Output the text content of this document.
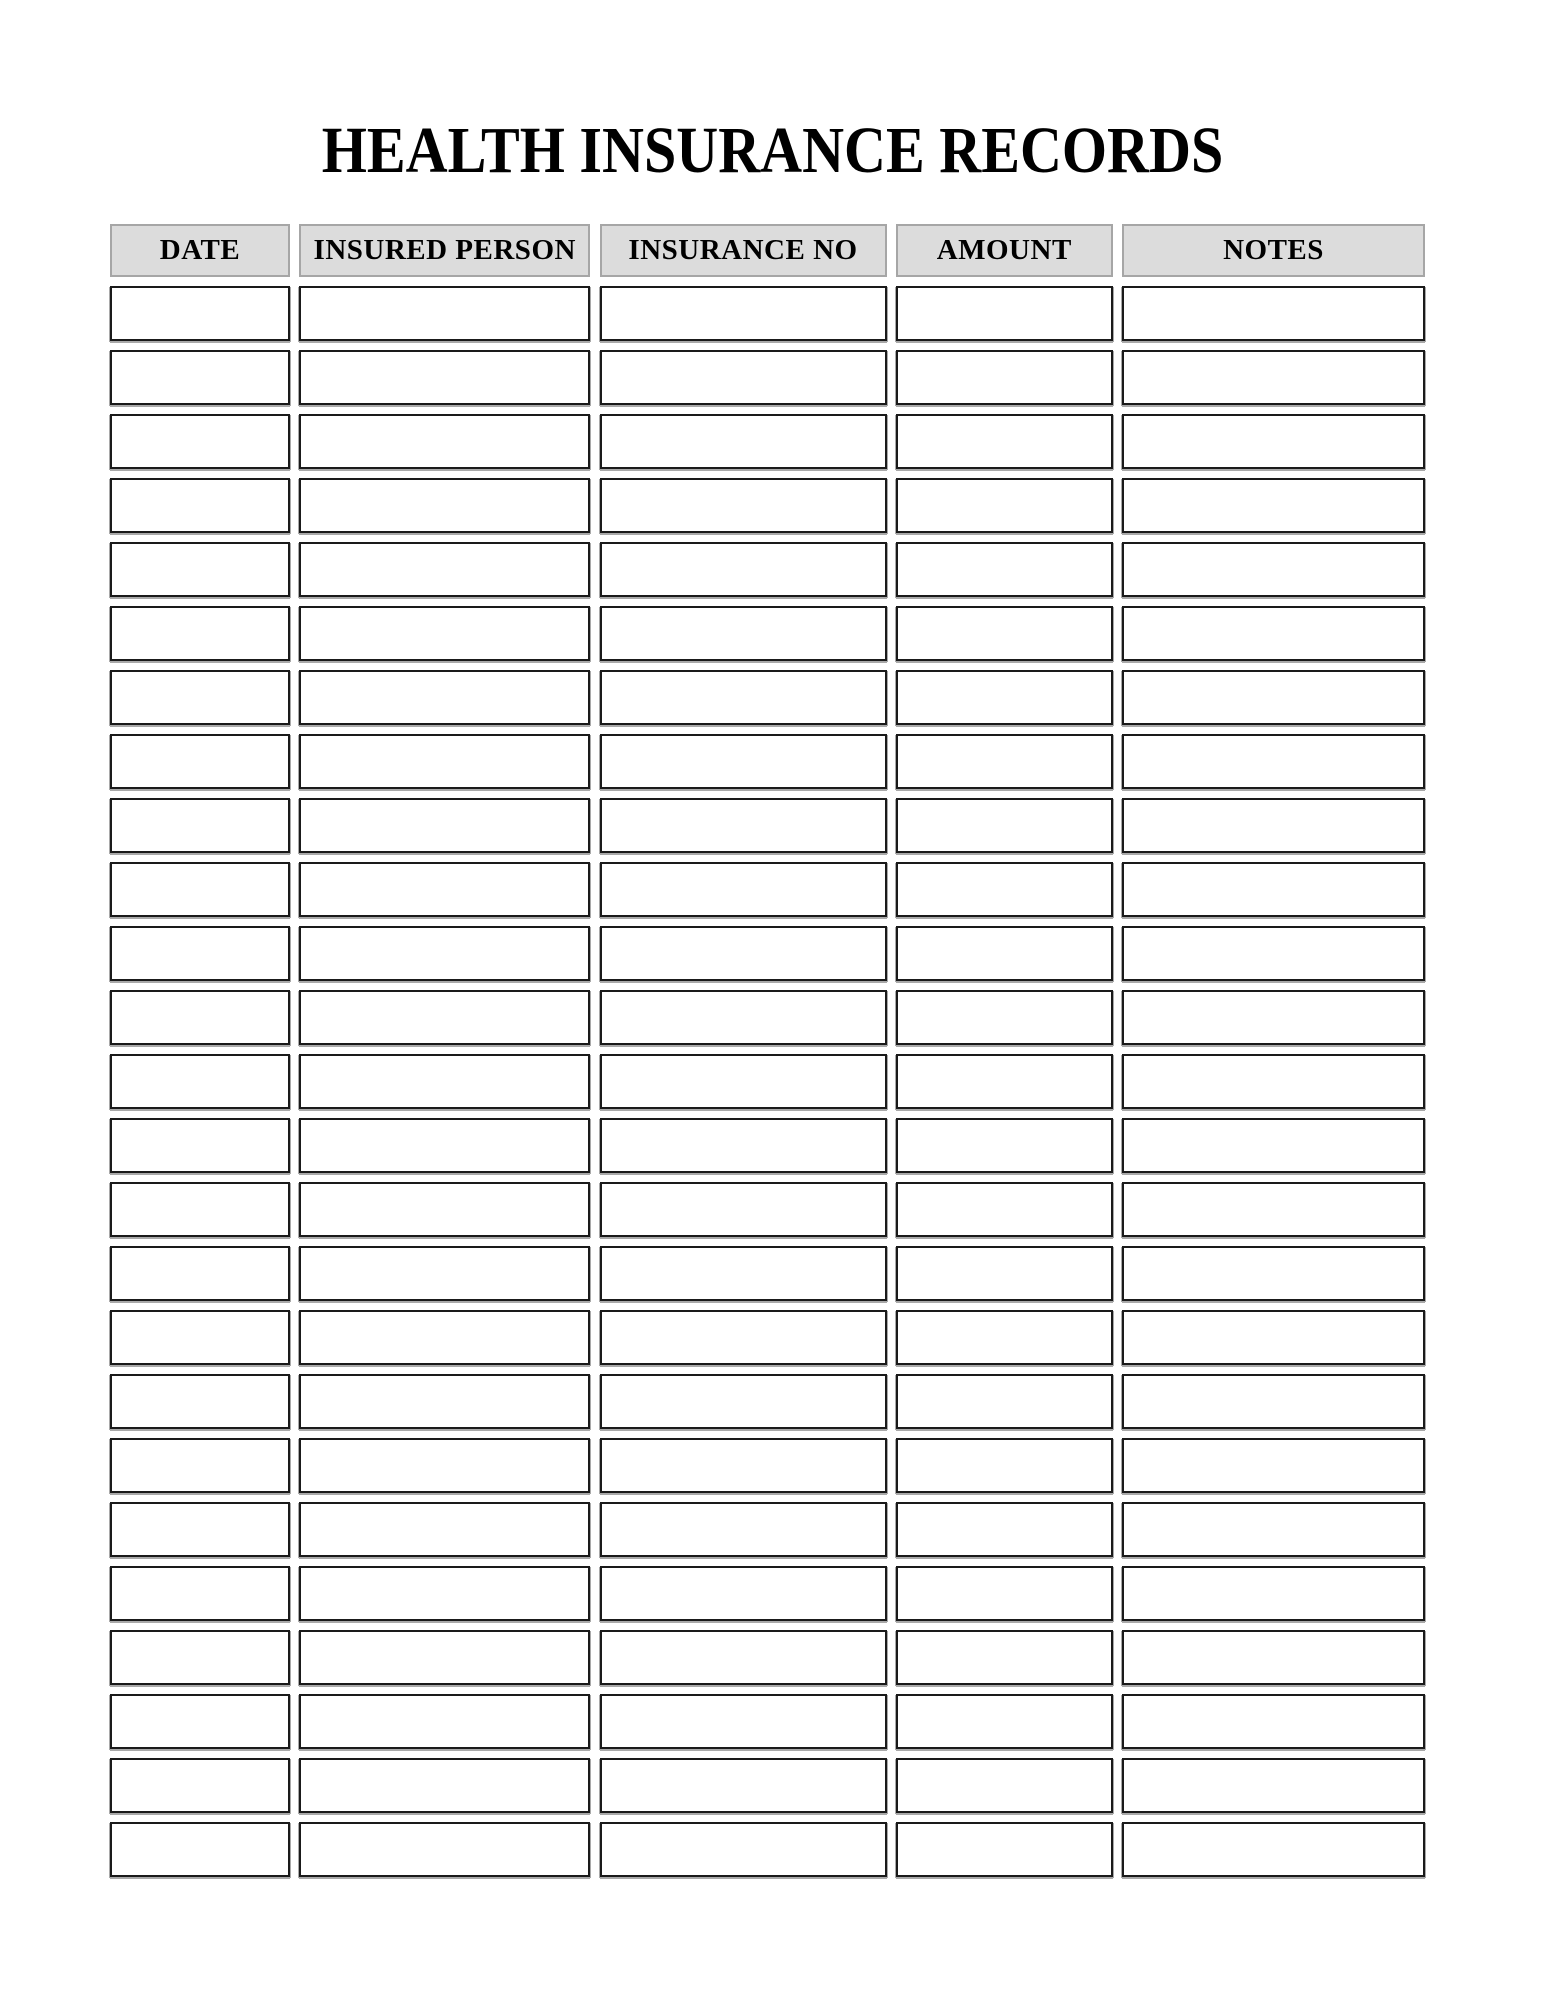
HEALTH INSURANCE RECORDS
DATE	INSURED PERSON	INSURANCE NO	AMOUNT	NOTES
